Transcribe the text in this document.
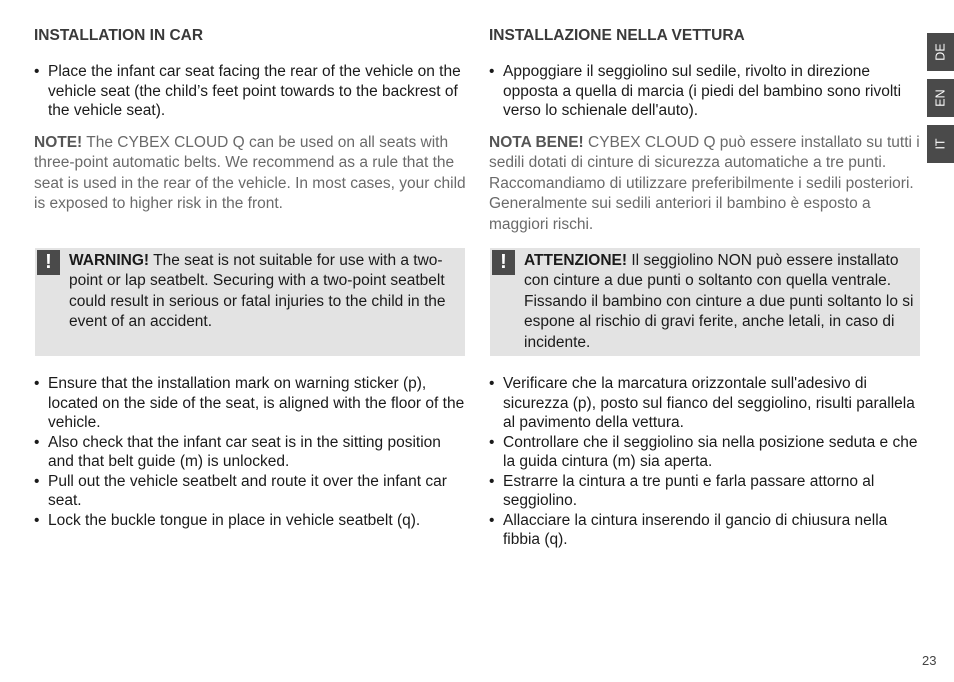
INSTALLATION IN CAR
• Place the infant car seat facing the rear of the vehicle on the vehicle seat (the child’s feet point towards to the backrest of the vehicle seat).
NOTE! The CYBEX CLOUD Q can be used on all seats with three-point automatic belts. We recommend as a rule that the seat is used in the rear of the vehicle. In most cases, your child is exposed to higher risk in the front.
!	WARNING! The seat is not suitable for use with a two-point or lap seatbelt. Securing with a two-point seatbelt could result in serious or fatal injuries to the child in the event of an accident.
• Ensure that the installation mark on warning sticker (p), located on the side of the seat, is aligned with the floor of the vehicle.
• Also check that the infant car seat is in the sitting position and that belt guide (m) is unlocked.
• Pull out the vehicle seatbelt and route it over the infant car seat.
• Lock the buckle tongue in place in vehicle seatbelt (q).
INSTALLAZIONE NELLA VETTURA
• Appoggiare il seggiolino sul sedile, rivolto in direzione opposta a quella di marcia (i piedi del bambino sono rivolti verso lo schienale dell'auto).
NOTA BENE! CYBEX CLOUD Q può essere installato su tutti i sedili dotati di cinture di sicurezza automatiche a tre punti. Raccomandiamo di utilizzare preferibilmente i sedili posteriori. Generalmente sui sedili anteriori il bambino è esposto a maggiori rischi.
!	ATTENZIONE! Il seggiolino NON può essere installato con cinture a due punti o soltanto con quella ventrale. Fissando il bambino con cinture a due punti soltanto lo si espone al rischio di gravi ferite, anche letali, in caso di incidente.
• Verificare che la marcatura orizzontale sull'adesivo di sicurezza (p), posto sul fianco del seggiolino, risulti parallela al pavimento della vettura.
• Controllare che il seggiolino sia nella posizione seduta e che la guida cintura (m) sia aperta.
• Estrarre la cintura a tre punti e farla passare attorno al seggiolino.
• Allacciare la cintura inserendo il gancio di chiusura nella fibbia (q).
DE
EN
IT
23
